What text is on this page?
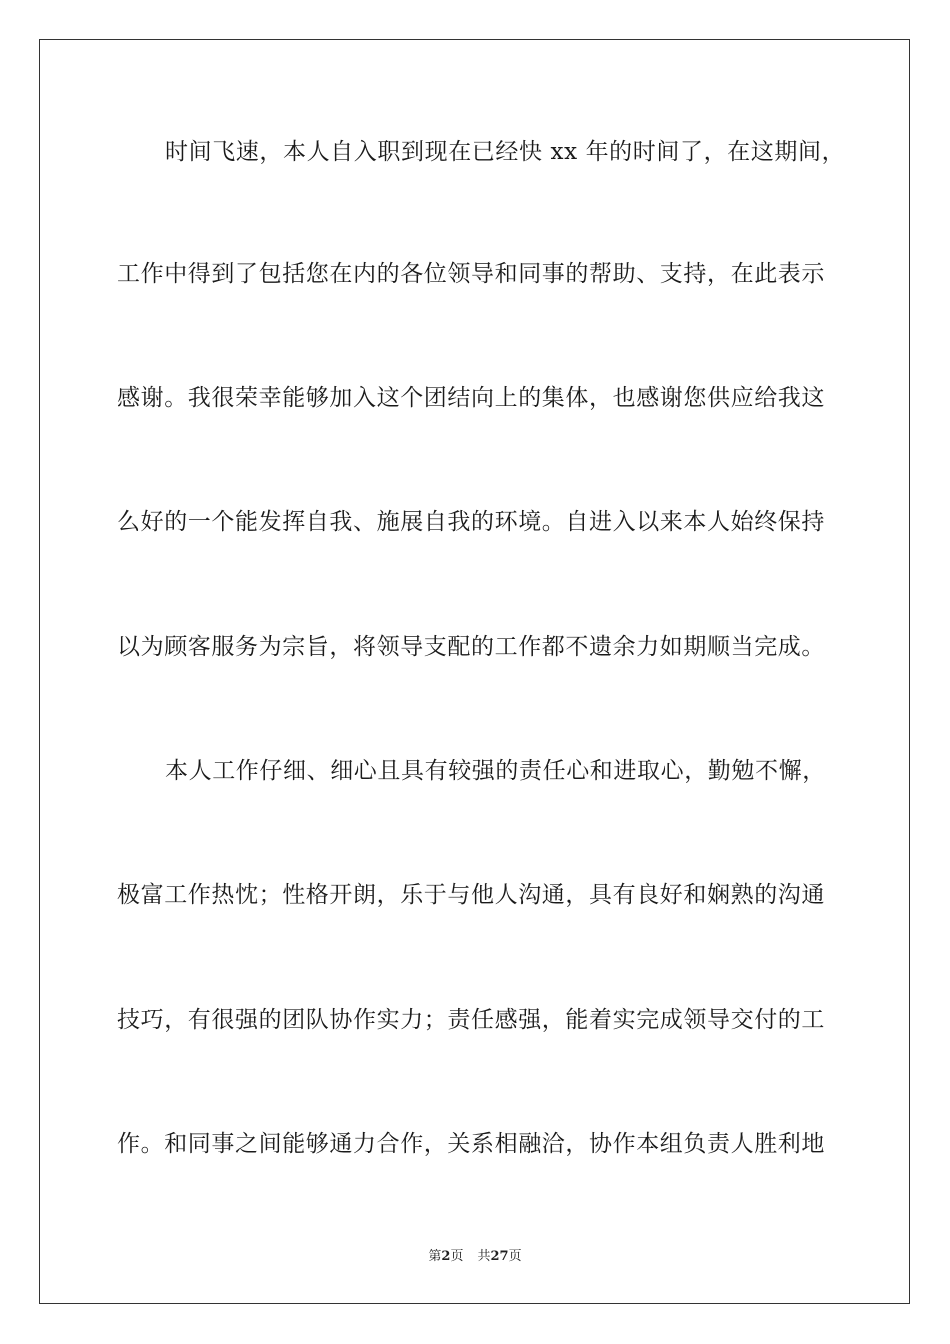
时间飞速，本人自入职到现在已经快 xx 年的时间了，在这期间，
工作中得到了包括您在内的各位领导和同事的帮助、支持，在此表示
感谢。我很荣幸能够加入这个团结向上的集体，也感谢您供应给我这
么好的一个能发挥自我、施展自我的环境。自进入以来本人始终保持
以为顾客服务为宗旨，将领导支配的工作都不遗余力如期顺当完成。
本人工作仔细、细心且具有较强的责任心和进取心，勤勉不懈，
极富工作热忱；性格开朗，乐于与他人沟通，具有良好和娴熟的沟通
技巧，有很强的团队协作实力；责任感强，能着实完成领导交付的工
作。和同事之间能够通力合作，关系相融洽，协作本组负责人胜利地
第2页 共27页
